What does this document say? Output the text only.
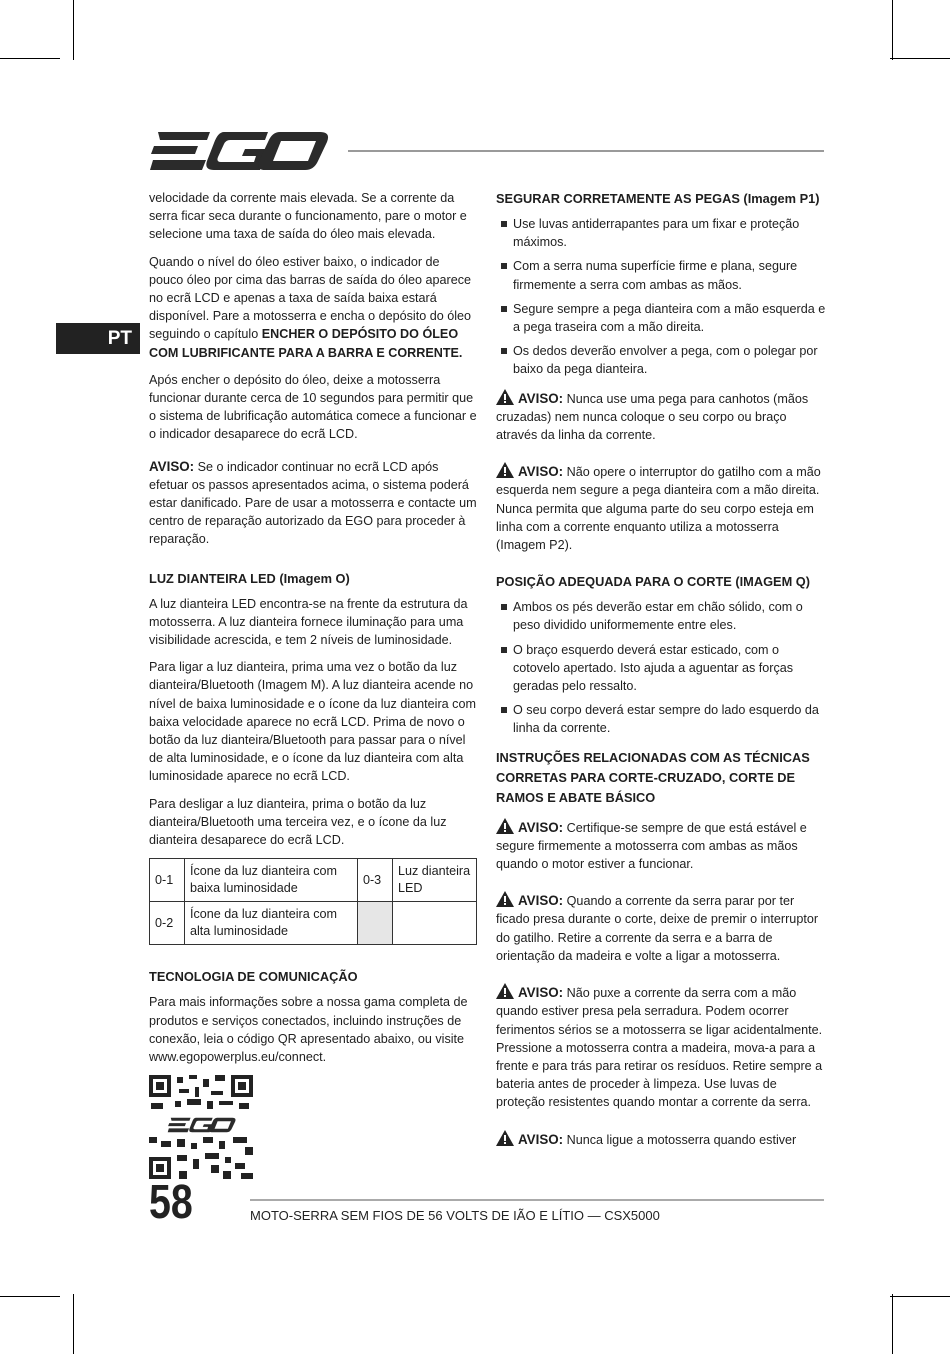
PT

velocidade da corrente mais elevada. Se a corrente da serra ficar seca durante o funcionamento, pare o motor e selecione uma taxa de saída do óleo mais elevada.

Quando o nível do óleo estiver baixo, o indicador de pouco óleo por cima das barras de saída do óleo aparece no ecrã LCD e apenas a taxa de saída baixa estará disponível. Pare a motosserra e encha o depósito do óleo seguindo o capítulo ENCHER O DEPÓSITO DO ÓLEO COM LUBRIFICANTE PARA A BARRA E CORRENTE.

Após encher o depósito do óleo, deixe a motosserra funcionar durante cerca de 10 segundos para permitir que o sistema de lubrificação automática comece a funcionar e o indicador desaparece do ecrã LCD.

AVISO: Se o indicador continuar no ecrã LCD após efetuar os passos apresentados acima, o sistema poderá estar danificado. Pare de usar a motosserra e contacte um centro de reparação autorizado da EGO para proceder à reparação.

LUZ DIANTEIRA LED (Imagem O)

A luz dianteira LED encontra-se na frente da estrutura da motosserra. A luz dianteira fornece iluminação para uma visibilidade acrescida, e tem 2 níveis de luminosidade.

Para ligar a luz dianteira, prima uma vez o botão da luz dianteira/Bluetooth (Imagem M). A luz dianteira acende no nível de baixa luminosidade e o ícone da luz dianteira com baixa velocidade aparece no ecrã LCD. Prima de novo o botão da luz dianteira/Bluetooth para passar para o nível de alta luminosidade, e o ícone da luz dianteira com alta luminosidade aparece no ecrã LCD.

Para desligar a luz dianteira, prima o botão da luz dianteira/Bluetooth uma terceira vez, e o ícone da luz dianteira desaparece do ecrã LCD.

0-1	Ícone da luz dianteira com baixa luminosidade	0-3	Luz dianteira LED
0-2	Ícone da luz dianteira com alta luminosidade		
TECNOLOGIA DE COMUNICAÇÃO

Para mais informações sobre a nossa gama completa de produtos e serviços conectados, incluindo instruções de conexão, leia o código QR apresentado abaixo, ou visite www.egopowerplus.eu/connect.

SEGURAR CORRETAMENTE AS PEGAS (Imagem P1)
Use luvas antiderrapantes para um fixar e proteção máximos.
Com a serra numa superfície firme e plana, segure firmemente a serra com ambas as mãos.
Segure sempre a pega dianteira com a mão esquerda e a pega traseira com a mão direita.
Os dedos deverão envolver a pega, com o polegar por baixo da pega dianteira.

AVISO: Nunca use uma pega para canhotos (mãos cruzadas) nem nunca coloque o seu corpo ou braço através da linha da corrente.

AVISO: Não opere o interruptor do gatilho com a mão esquerda nem segure a pega dianteira com a mão direita. Nunca permita que alguma parte do seu corpo esteja em linha com a corrente enquanto utiliza a motosserra (Imagem P2).

POSIÇÃO ADEQUADA PARA O CORTE (IMAGEM Q)
Ambos os pés deverão estar em chão sólido, com o peso dividido uniformemente entre eles.
O braço esquerdo deverá estar esticado, com o cotovelo apertado. Isto ajuda a aguentar as forças geradas pelo ressalto.
O seu corpo deverá estar sempre do lado esquerdo da linha da corrente.
INSTRUÇÕES RELACIONADAS COM AS TÉCNICAS CORRETAS PARA CORTE-CRUZADO, CORTE DE RAMOS E ABATE BÁSICO

AVISO: Certifique-se sempre de que está estável e segure firmemente a motosserra com ambas as mãos quando o motor estiver a funcionar.

AVISO: Quando a corrente da serra parar por ter ficado presa durante o corte, deixe de premir o interruptor do gatilho. Retire a corrente da serra e a barra de orientação da madeira e volte a ligar a motosserra.

AVISO: Não puxe a corrente da serra com a mão quando estiver presa pela serradura. Podem ocorrer ferimentos sérios se a motosserra se ligar acidentalmente. Pressione a motosserra contra a madeira, mova-a para a frente e para trás para retirar os resíduos. Retire sempre a bateria antes de proceder à limpeza. Use luvas de proteção resistentes quando montar a corrente da serra.

AVISO: Nunca ligue a motosserra quando estiver

58	MOTO-SERRA SEM FIOS DE 56 VOLTS DE IÃO E LÍTIO — CSX5000
